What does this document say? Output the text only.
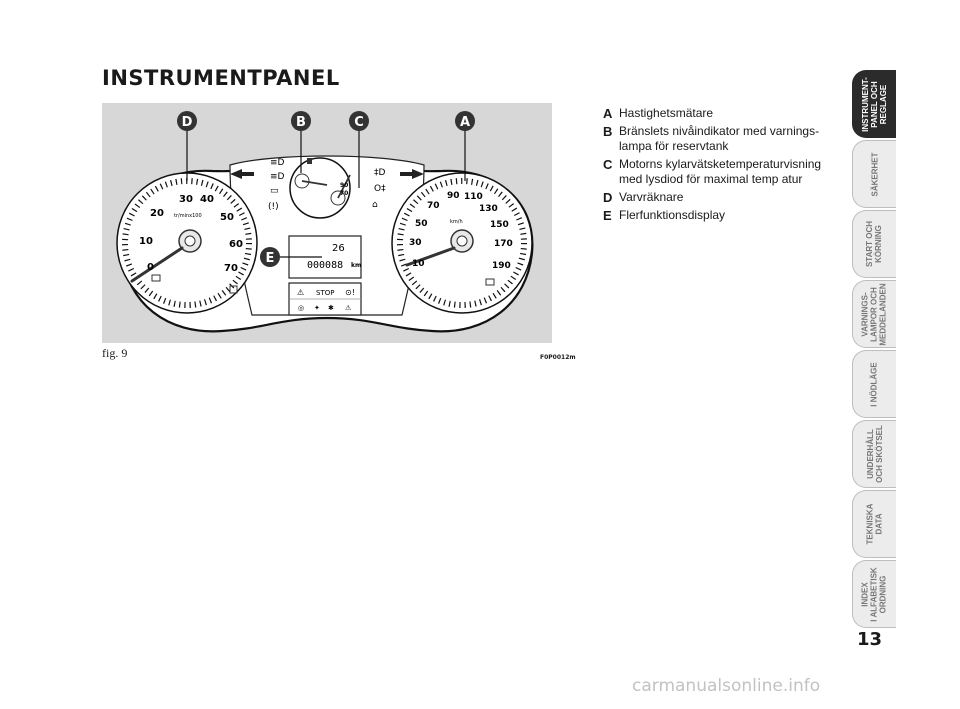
INSTRUMENTPANEL
30 40
20	50
10	60
0	70
tr/minx100
90 110
70	130
50	150
30	170
10	190
km/h
90
70
≡D
≡D
▭
(!)
‡D
O‡
⌂
26
000088 km
⚠ STOP ⊙!
◎ ✦ ✱ ⚠
D	B	C	A
E
fig. 9	F0P0012m
A Hastighetsmätare
B Bränslets nivåindikator med varnings-lampa för reservtank
C Motorns kylarvätsketemperaturvisning med lysdiod för maximal temp atur
D Varvräknare
E Flerfunktionsdisplay
INSTRUMENT-
PANEL OCH
REGLAGE
SÄKERHET
START OCH
KÖRNING
VARNINGS-
LAMPOR OCH
MEDDELANDEN
I NÖDLÄGE
UNDERHÅLL
OCH SKÖTSEL
TEKNISKA
DATA
INDEX
I ALFABETISK
ORDNING
13
carmanualsonline.info
